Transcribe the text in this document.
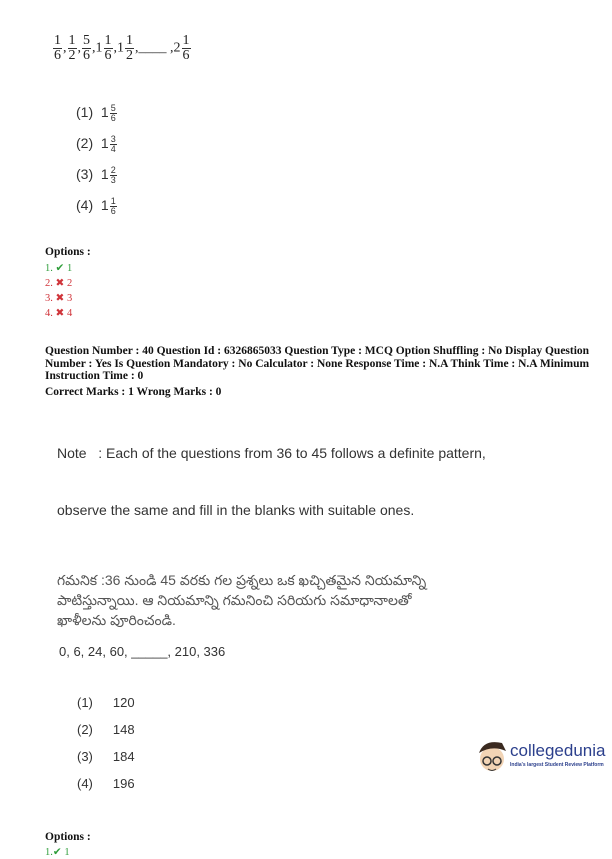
$\frac{1}{6}$ , $\frac{1}{2}$ , $\frac{5}{6} ,1 \frac{1}{6} ,1 \frac{1}{2}$ ,____ $,2 \frac{1}{6}$
(1) $1 \frac{5}{6}$
(2) $1 \frac{3}{4}$
(3) $1 \frac{2}{3}$
(4) $1 \frac{1}{6}$
Options :
1. ✔ 1
2. ✖ 2
3. ✖ 3
4. ✖ 4
Question Number : 40 Question Id : 6326865033 Question Type : MCQ Option Shuffling : No Display Question
Number : Yes Is Question Mandatory : No Calculator : None Response Time : N.A Think Time : N.A Minimum
Instruction Time : 0
Correct Marks : 1 Wrong Marks : 0

Note   : Each of the questions from 36 to 45 follows a definite pattern,

observe the same and fill in the blanks with suitable ones.

గమనిక :36 నుండి 45 వరకు గల ప్రశ్నలు ఒక ఖచ్చితమైన నియమాన్ని
పాటిస్తున్నాయి. ఆ నియమాన్ని గమనించి సరియగు సమాధానాలతో
ఖాళీలను పూరించండి.
0, 6, 24, 60, _____, 210, 336
(1) 120
(2) 148
(3) 184
(4) 196
Options :
1.✔ 1
collegedunia
India's largest Student Review Platform
